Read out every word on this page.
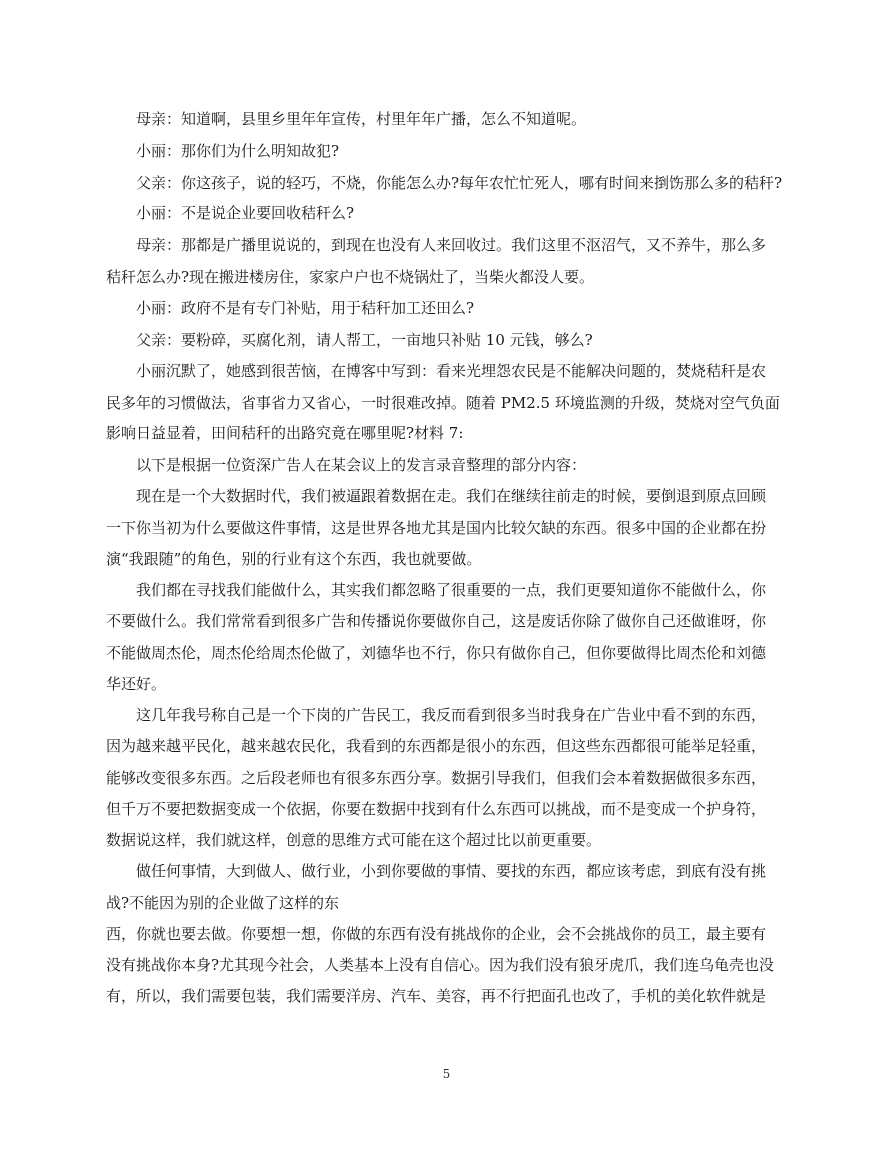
母亲：知道啊，县里乡里年年宣传，村里年年广播，怎么不知道呢。
小丽：那你们为什么明知故犯?
父亲：你这孩子，说的轻巧，不烧，你能怎么办?每年农忙忙死人，哪有时间来捯饬那么多的秸秆?
小丽：不是说企业要回收秸秆么?
母亲：那都是广播里说说的，到现在也没有人来回收过。我们这里不沤沼气，又不养牛，那么多
秸秆怎么办?现在搬进楼房住，家家户户也不烧锅灶了，当柴火都没人要。
小丽：政府不是有专门补贴，用于秸秆加工还田么?
父亲：要粉碎，买腐化剂，请人帮工，一亩地只补贴 10 元钱，够么?
小丽沉默了，她感到很苦恼，在博客中写到：看来光埋怨农民是不能解决问题的，焚烧秸秆是农
民多年的习惯做法，省事省力又省心，一时很难改掉。随着 PM2.5 环境监测的升级，焚烧对空气负面
影响日益显着，田间秸秆的出路究竟在哪里呢?材料 7:
以下是根据一位资深广告人在某会议上的发言录音整理的部分内容：
现在是一个大数据时代，我们被逼跟着数据在走。我们在继续往前走的时候，要倒退到原点回顾
一下你当初为什么要做这件事情，这是世界各地尤其是国内比较欠缺的东西。很多中国的企业都在扮
演“我跟随”的角色，别的行业有这个东西，我也就要做。
我们都在寻找我们能做什么，其实我们都忽略了很重要的一点，我们更要知道你不能做什么，你
不要做什么。我们常常看到很多广告和传播说你要做你自己，这是废话你除了做你自己还做谁呀，你
不能做周杰伦，周杰伦给周杰伦做了，刘德华也不行，你只有做你自己，但你要做得比周杰伦和刘德
华还好。
这几年我号称自己是一个下岗的广告民工，我反而看到很多当时我身在广告业中看不到的东西，
因为越来越平民化，越来越农民化，我看到的东西都是很小的东西，但这些东西都很可能举足轻重，
能够改变很多东西。之后段老师也有很多东西分享。数据引导我们，但我们会本着数据做很多东西，
但千万不要把数据变成一个依据，你要在数据中找到有什么东西可以挑战，而不是变成一个护身符，
数据说这样，我们就这样，创意的思维方式可能在这个超过比以前更重要。
做任何事情，大到做人、做行业，小到你要做的事情、要找的东西，都应该考虑，到底有没有挑
战?不能因为别的企业做了这样的东
西，你就也要去做。你要想一想，你做的东西有没有挑战你的企业，会不会挑战你的员工，最主要有
没有挑战你本身?尤其现今社会，人类基本上没有自信心。因为我们没有狼牙虎爪，我们连乌龟壳也没
有，所以，我们需要包装，我们需要洋房、汽车、美容，再不行把面孔也改了，手机的美化软件就是
5
